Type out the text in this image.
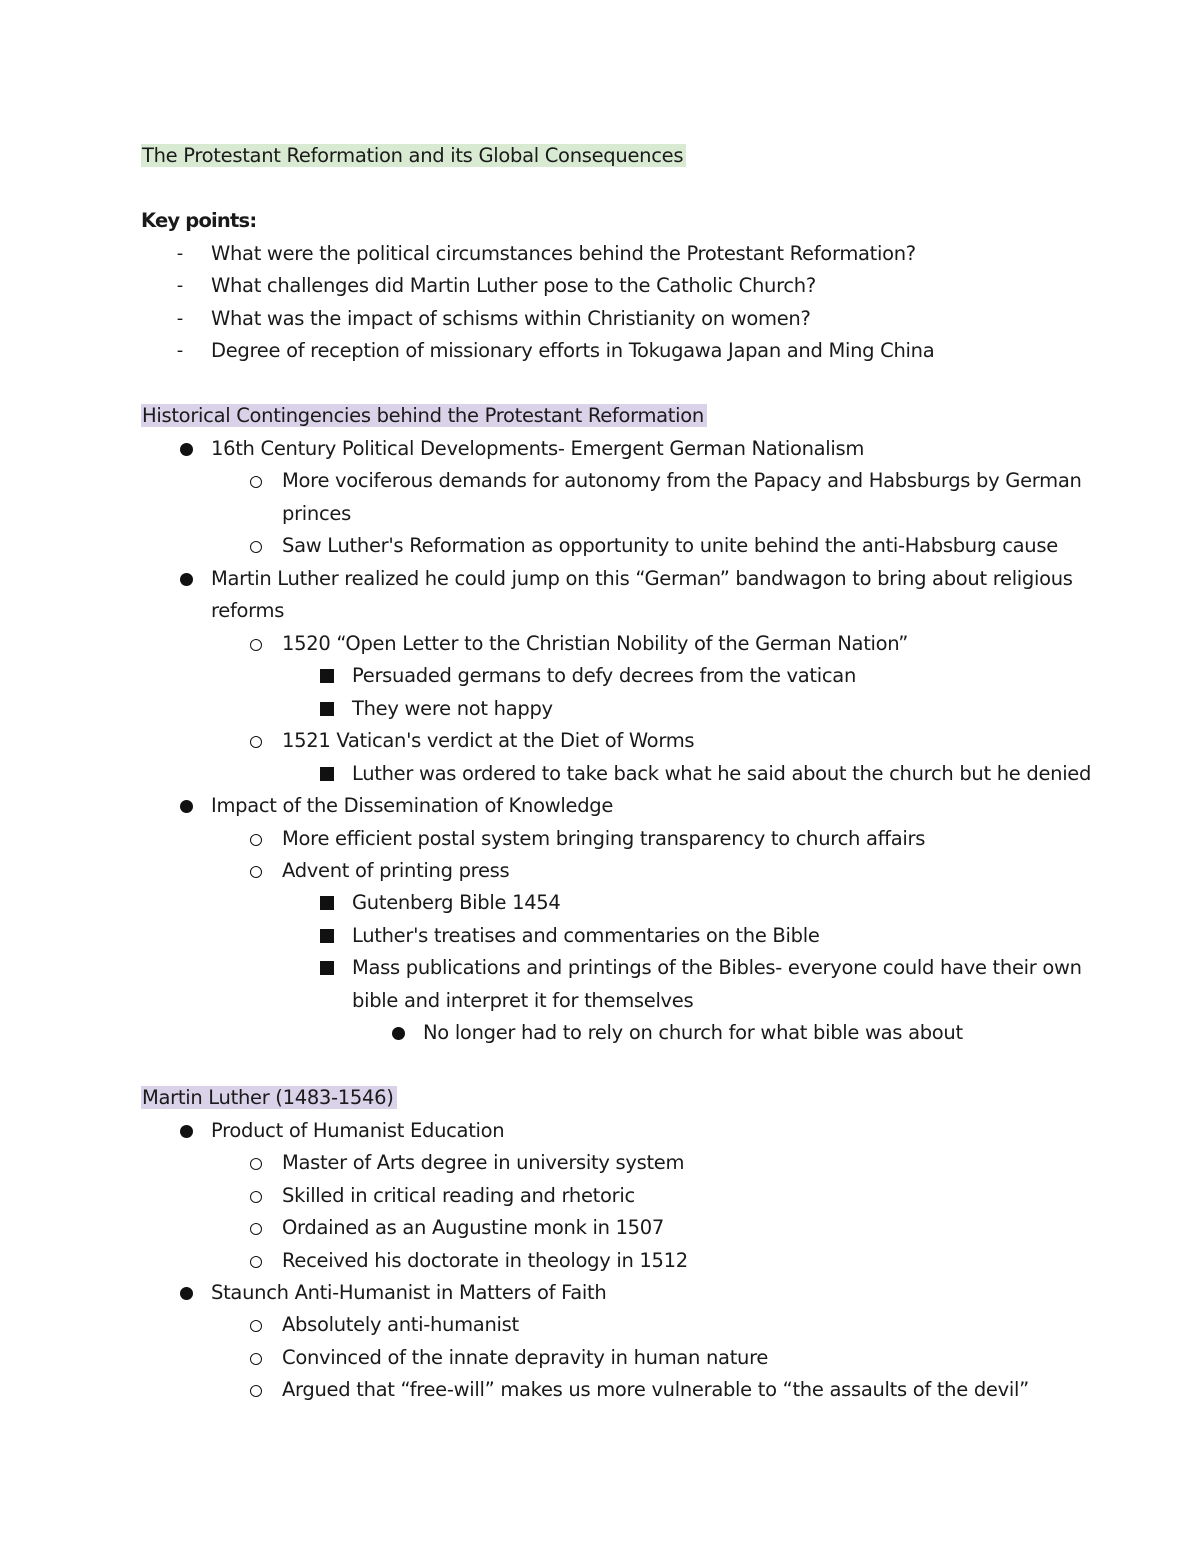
The Protestant Reformation and its Global Consequences
Key points:
-	What were the political circumstances behind the Protestant Reformation?
-	What challenges did Martin Luther pose to the Catholic Church?
-	What was the impact of schisms within Christianity on women?
-	Degree of reception of missionary efforts in Tokugawa Japan and Ming China
Historical Contingencies behind the Protestant Reformation
16th Century Political Developments- Emergent German Nationalism
More vociferous demands for autonomy from the Papacy and Habsburgs by German
princes
Saw Luther's Reformation as opportunity to unite behind the anti-Habsburg cause
Martin Luther realized he could jump on this “German” bandwagon to bring about religious
reforms
1520 “Open Letter to the Christian Nobility of the German Nation”
Persuaded germans to defy decrees from the vatican
They were not happy
1521 Vatican's verdict at the Diet of Worms
Luther was ordered to take back what he said about the church but he denied
Impact of the Dissemination of Knowledge
More efficient postal system bringing transparency to church affairs
Advent of printing press
Gutenberg Bible 1454
Luther's treatises and commentaries on the Bible
Mass publications and printings of the Bibles- everyone could have their own
bible and interpret it for themselves
No longer had to rely on church for what bible was about
Martin Luther (1483-1546)
Product of Humanist Education
Master of Arts degree in university system
Skilled in critical reading and rhetoric
Ordained as an Augustine monk in 1507
Received his doctorate in theology in 1512
Staunch Anti-Humanist in Matters of Faith
Absolutely anti-humanist
Convinced of the innate depravity in human nature
Argued that “free-will” makes us more vulnerable to “the assaults of the devil”
